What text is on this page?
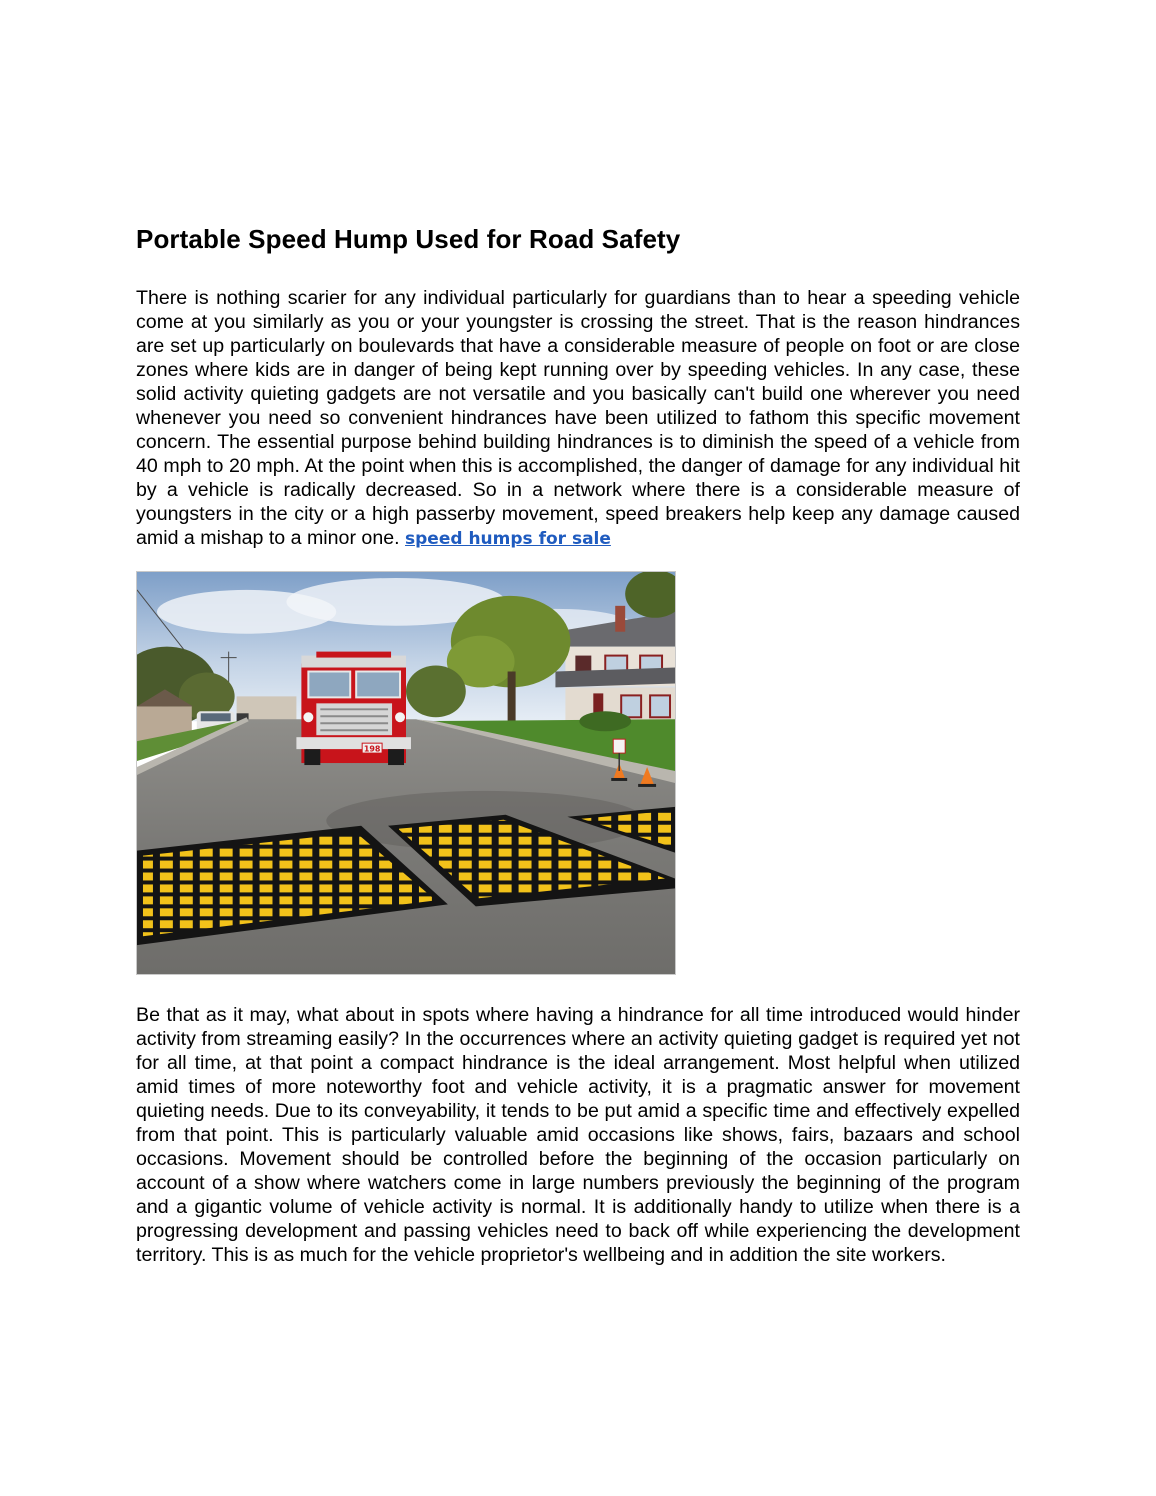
Portable Speed Hump Used for Road Safety

There is nothing scarier for any individual particularly for guardians than to hear a speeding vehicle come at you similarly as you or your youngster is crossing the street. That is the reason hindrances are set up particularly on boulevards that have a considerable measure of people on foot or are close zones where kids are in danger of being kept running over by speeding vehicles. In any case, these solid activity quieting gadgets are not versatile and you basically can't build one wherever you need whenever you need so convenient hindrances have been utilized to fathom this specific movement concern. The essential purpose behind building hindrances is to diminish the speed of a vehicle from 40 mph to 20 mph. At the point when this is accomplished, the danger of damage for any individual hit by a vehicle is radically decreased. So in a network where there is a considerable measure of youngsters in the city or a high passerby movement, speed breakers help keep any damage caused amid a mishap to a minor one. speed humps for sale

198

Be that as it may, what about in spots where having a hindrance for all time introduced would hinder activity from streaming easily? In the occurrences where an activity quieting gadget is required yet not for all time, at that point a compact hindrance is the ideal arrangement. Most helpful when utilized amid times of more noteworthy foot and vehicle activity, it is a pragmatic answer for movement quieting needs. Due to its conveyability, it tends to be put amid a specific time and effectively expelled from that point. This is particularly valuable amid occasions like shows, fairs, bazaars and school occasions. Movement should be controlled before the beginning of the occasion particularly on account of a show where watchers come in large numbers previously the beginning of the program and a gigantic volume of vehicle activity is normal. It is additionally handy to utilize when there is a progressing development and passing vehicles need to back off while experiencing the development territory. This is as much for the vehicle proprietor's wellbeing and in addition the site workers.
